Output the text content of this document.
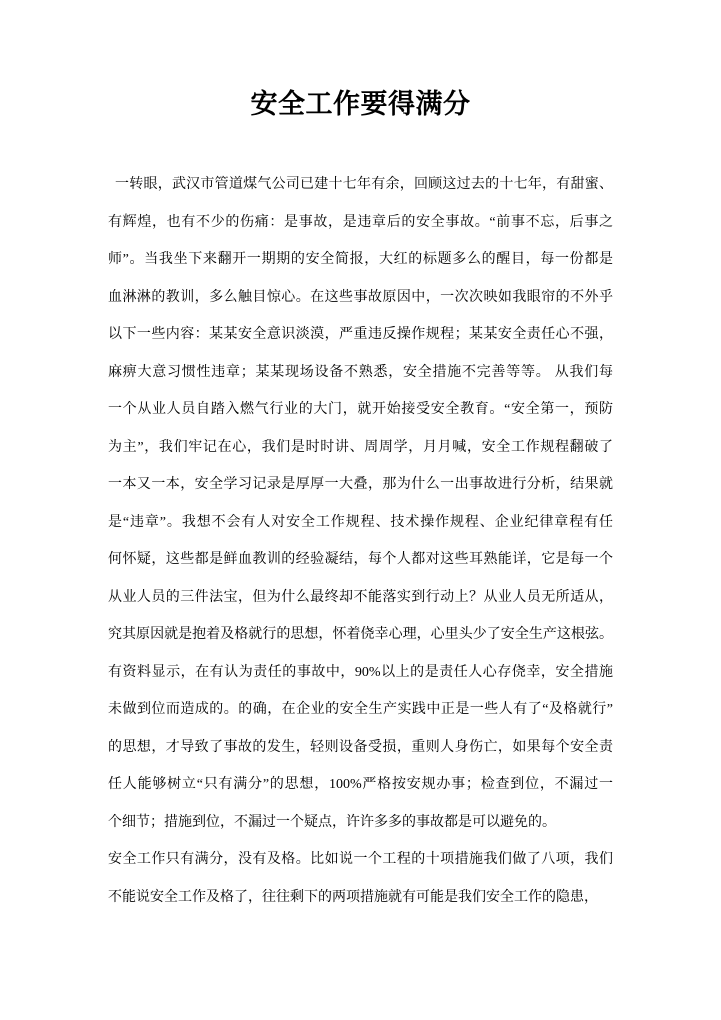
安全工作要得满分
一转眼，武汉市管道煤气公司已建十七年有余，回顾这过去的十七年，有甜蜜、
有辉煌，也有不少的伤痛：是事故，是违章后的安全事故。“前事不忘，后事之
师”。当我坐下来翻开一期期的安全简报，大红的标题多么的醒目，每一份都是
血淋淋的教训，多么触目惊心。在这些事故原因中，一次次映如我眼帘的不外乎
以下一些内容：某某安全意识淡漠，严重违反操作规程；某某安全责任心不强，
麻痹大意习惯性违章；某某现场设备不熟悉，安全措施不完善等等。 从我们每
一个从业人员自踏入燃气行业的大门，就开始接受安全教育。“安全第一，预防
为主”，我们牢记在心，我们是时时讲、周周学，月月喊，安全工作规程翻破了
一本又一本，安全学习记录是厚厚一大叠，那为什么一出事故进行分析，结果就
是“违章”。我想不会有人对安全工作规程、技术操作规程、企业纪律章程有任
何怀疑，这些都是鲜血教训的经验凝结，每个人都对这些耳熟能详，它是每一个
从业人员的三件法宝，但为什么最终却不能落实到行动上？从业人员无所适从，
究其原因就是抱着及格就行的思想，怀着侥幸心理，心里头少了安全生产这根弦。
有资料显示，在有认为责任的事故中，90%以上的是责任人心存侥幸，安全措施
未做到位而造成的。的确，在企业的安全生产实践中正是一些人有了“及格就行”
的思想，才导致了事故的发生，轻则设备受损，重则人身伤亡，如果每个安全责
任人能够树立“只有满分”的思想，100%严格按安规办事；检查到位，不漏过一
个细节；措施到位，不漏过一个疑点，许许多多的事故都是可以避免的。
安全工作只有满分，没有及格。比如说一个工程的十项措施我们做了八项，我们
不能说安全工作及格了，往往剩下的两项措施就有可能是我们安全工作的隐患，
